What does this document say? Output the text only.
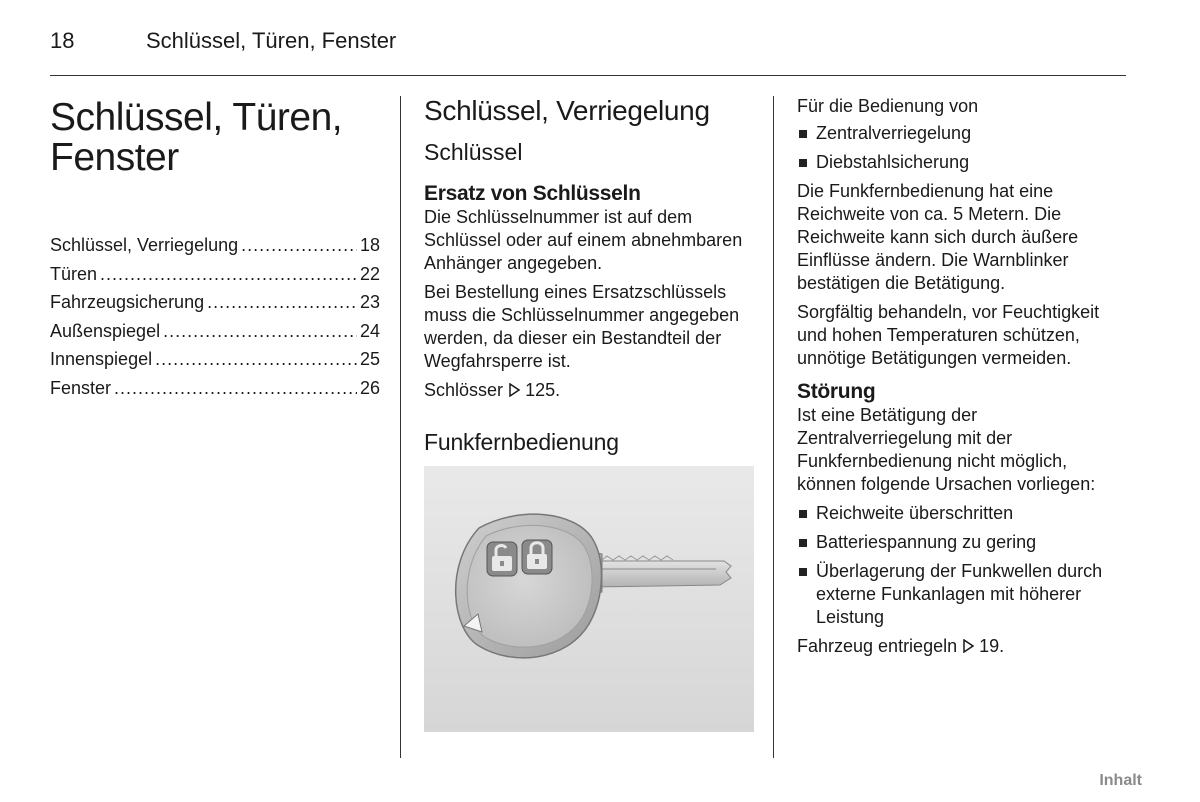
18	Schlüssel, Türen, Fenster
Schlüssel, Türen,
Fenster
Schlüssel, Verriegelung .....	18
Türen .....	22
Fahrzeugsicherung .....	23
Außenspiegel .....	24
Innenspiegel .....	25
Fenster .....	26
Schlüssel, Verriegelung
Schlüssel
Ersatz von Schlüsseln

Die Schlüsselnummer ist auf dem Schlüssel oder auf einem abnehmbaren Anhänger angegeben.

Bei Bestellung eines Ersatzschlüssels muss die Schlüsselnummer angegeben werden, da dieser ein Bestandteil der Wegfahrsperre ist.

Schlösser 125.

Funkfernbedienung

Für die Bedienung von

Zentralverriegelung
Diebstahlsicherung

Die Funkfernbedienung hat eine Reichweite von ca. 5 Metern. Die Reichweite kann sich durch äußere Einflüsse ändern. Die Warnblinker bestätigen die Betätigung.

Sorgfältig behandeln, vor Feuchtigkeit und hohen Temperaturen schützen, unnötige Betätigungen vermeiden.

Störung

Ist eine Betätigung der Zentralverriegelung mit der Funkfernbedienung nicht möglich, können folgende Ursachen vorliegen:

Reichweite überschritten
Batteriespannung zu gering
Überlagerung der Funkwellen durch externe Funkanlagen mit höherer Leistung

Fahrzeug entriegeln 19.

Inhalt
